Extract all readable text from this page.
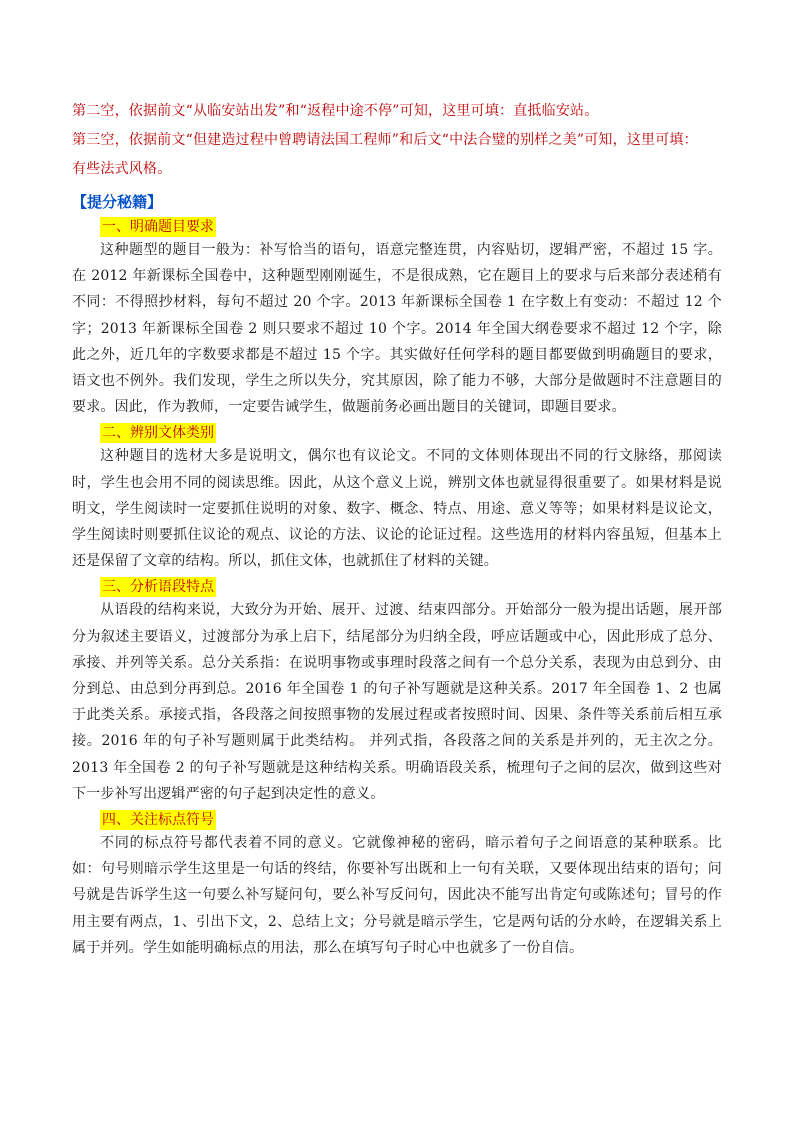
第二空，依据前文“从临安站出发”和“返程中途不停”可知，这里可填：直抵临安站。

第三空，依据前文“但建造过程中曾聘请法国工程师”和后文“中法合璧的别样之美”可知，这里可填：

有些法式风格。

【提分秘籍】

一、明确题目要求

这种题型的题目一般为：补写恰当的语句，语意完整连贯，内容贴切，逻辑严密，不超过 15 字。在 2012 年新课标全国卷中，这种题型刚刚诞生，不是很成熟，它在题目上的要求与后来部分表述稍有不同：不得照抄材料，每句不超过 20 个字。2013 年新课标全国卷 1 在字数上有变动：不超过 12 个字；2013 年新课标全国卷 2 则只要求不超过 10 个字。2014 年全国大纲卷要求不超过 12 个字，除此之外，近几年的字数要求都是不超过 15 个字。其实做好任何学科的题目都要做到明确题目的要求，语文也不例外。我们发现，学生之所以失分，究其原因，除了能力不够，大部分是做题时不注意题目的要求。因此，作为教师，一定要告诫学生，做题前务必画出题目的关键词，即题目要求。

二、辨别文体类别

这种题目的选材大多是说明文，偶尔也有议论文。不同的文体则体现出不同的行文脉络，那阅读时，学生也会用不同的阅读思维。因此，从这个意义上说，辨别文体也就显得很重要了。如果材料是说明文，学生阅读时一定要抓住说明的对象、数字、概念、特点、用途、意义等等；如果材料是议论文，学生阅读时则要抓住议论的观点、议论的方法、议论的论证过程。这些选用的材料内容虽短，但基本上还是保留了文章的结构。所以，抓住文体，也就抓住了材料的关键。

三、分析语段特点

从语段的结构来说，大致分为开始、展开、过渡、结束四部分。开始部分一般为提出话题，展开部分为叙述主要语义，过渡部分为承上启下，结尾部分为归纳全段，呼应话题或中心，因此形成了总分、承接、并列等关系。总分关系指：在说明事物或事理时段落之间有一个总分关系，表现为由总到分、由分到总、由总到分再到总。2016 年全国卷 1 的句子补写题就是这种关系。2017 年全国卷 1、2 也属于此类关系。承接式指，各段落之间按照事物的发展过程或者按照时间、因果、条件等关系前后相互承接。2016 年的句子补写题则属于此类结构。 并列式指，各段落之间的关系是并列的，无主次之分。2013 年全国卷 2 的句子补写题就是这种结构关系。明确语段关系，梳理句子之间的层次，做到这些对下一步补写出逻辑严密的句子起到决定性的意义。

四、关注标点符号

不同的标点符号都代表着不同的意义。它就像神秘的密码，暗示着句子之间语意的某种联系。比如：句号则暗示学生这里是一句话的终结，你要补写出既和上一句有关联，又要体现出结束的语句；问号就是告诉学生这一句要么补写疑问句，要么补写反问句，因此决不能写出肯定句或陈述句；冒号的作用主要有两点，1、引出下文，2、总结上文；分号就是暗示学生，它是两句话的分水岭，在逻辑关系上属于并列。学生如能明确标点的用法，那么在填写句子时心中也就多了一份自信。
